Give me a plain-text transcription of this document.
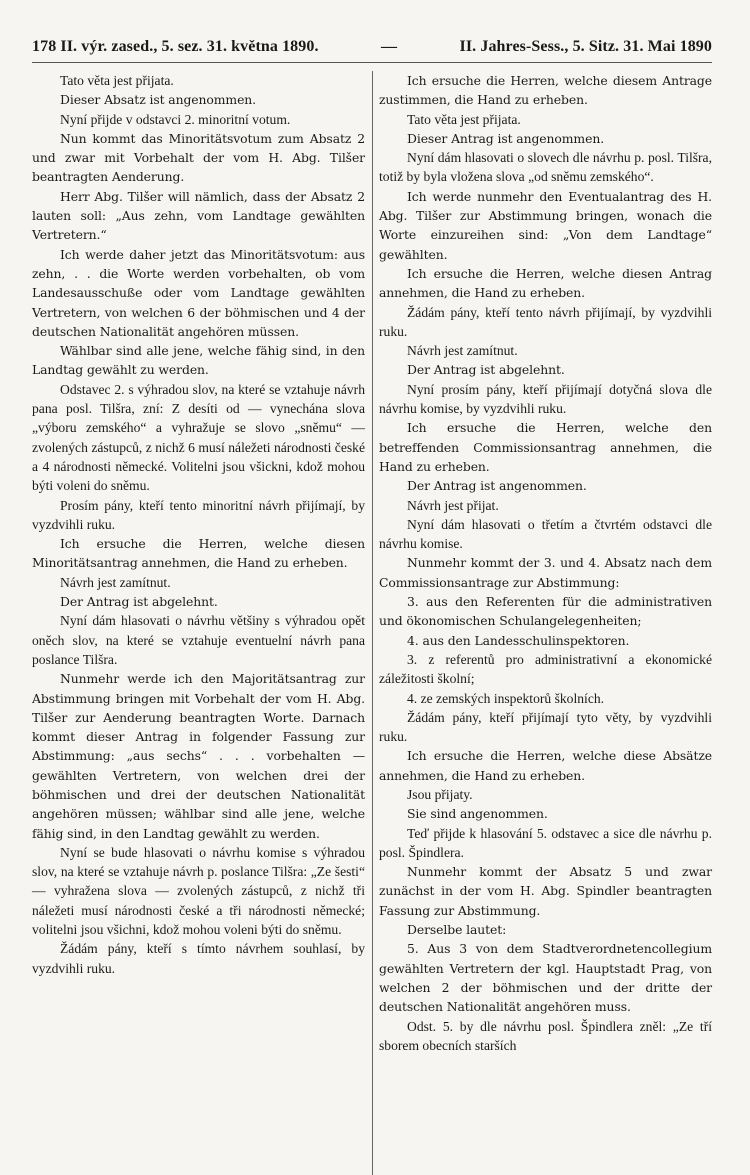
178 II. výr. zased., 5. sez. 31. května 1890.	—	II. Jahres-Sess., 5. Sitz. 31. Mai 1890

Tato věta jest přijata.

Dieser Absatz ist angenommen.

Nyní přijde v odstavci 2. minoritní votum.

Nun kommt das Minoritätsvotum zum Absatz 2 und zwar mit Vorbehalt der vom H. Abg. Tilšer beantragten Aenderung.

Herr Abg. Tilšer will nämlich, dass der Absatz 2 lauten soll: „Aus zehn, vom Landtage gewählten Vertretern.“

Ich werde daher jetzt das Minoritätsvotum: aus zehn, . . die Worte werden vorbehalten, ob vom Landesausschuße oder vom Landtage gewählten Vertretern, von welchen 6 der böhmischen und 4 der deutschen Nationalität angehören müssen.

Wählbar sind alle jene, welche fähig sind, in den Landtag gewählt zu werden.

Odstavec 2. s výhradou slov, na které se vztahuje návrh pana posl. Tilšra, zní: Z desíti od — vynechána slova „výboru zemského“ a vyhražuje se slovo „sněmu“ — zvolených zástupců, z nichž 6 musí náležeti národnosti české a 4 národnosti německé. Volitelni jsou všickni, kdož mohou býti voleni do sněmu.

Prosím pány, kteří tento minoritní návrh přijímají, by vyzdvihli ruku.

Ich ersuche die Herren, welche diesen Minoritätsantrag annehmen, die Hand zu erheben.

Návrh jest zamítnut.

Der Antrag ist abgelehnt.

Nyní dám hlasovati o návrhu většiny s výhradou opět oněch slov, na které se vztahuje eventuelní návrh pana poslance Tilšra.

Nunmehr werde ich den Majoritätsantrag zur Abstimmung bringen mit Vorbehalt der vom H. Abg. Tilšer zur Aenderung beantragten Worte. Darnach kommt dieser Antrag in folgender Fassung zur Abstimmung: „aus sechs“ . . . vorbehalten — gewählten Vertretern, von welchen drei der böhmischen und drei der deutschen Nationalität angehören müssen; wählbar sind alle jene, welche fähig sind, in den Landtag gewählt zu werden.

Nyní se bude hlasovati o návrhu komise s výhradou slov, na které se vztahuje návrh p. poslance Tilšra: „Ze šesti“ — vyhražena slova — zvolených zástupců, z nichž tři náležeti musí národnosti české a tři národnosti německé; volitelni jsou všichni, kdož mohou voleni býti do sněmu.

Žádám pány, kteří s tímto návrhem souhlasí, by vyzdvihli ruku.

Ich ersuche die Herren, welche diesem Antrage zustimmen, die Hand zu erheben.

Tato věta jest přijata.

Dieser Antrag ist angenommen.

Nyní dám hlasovati o slovech dle návrhu p. posl. Tilšra, totiž by byla vložena slova „od sněmu zemského“.

Ich werde nunmehr den Eventualantrag des H. Abg. Tilšer zur Abstimmung bringen, wonach die Worte einzureihen sind: „Von dem Landtage“ gewählten.

Ich ersuche die Herren, welche diesen Antrag annehmen, die Hand zu erheben.

Žádám pány, kteří tento návrh přijímají, by vyzdvihli ruku.

Návrh jest zamítnut.

Der Antrag ist abgelehnt.

Nyní prosím pány, kteří přijímají dotyčná slova dle návrhu komise, by vyzdvihli ruku.

Ich ersuche die Herren, welche den betreffenden Commissionsantrag annehmen, die Hand zu erheben.

Der Antrag ist angenommen.

Návrh jest přijat.

Nyní dám hlasovati o třetím a čtvrtém odstavci dle návrhu komise.

Nunmehr kommt der 3. und 4. Absatz nach dem Commissionsantrage zur Abstimmung:

3. aus den Referenten für die administrativen und ökonomischen Schulangelegenheiten;

4. aus den Landesschulinspektoren.

3. z referentů pro administrativní a ekonomické záležitosti školní;

4. ze zemských inspektorů školních.

Žádám pány, kteří přijímají tyto věty, by vyzdvihli ruku.

Ich ersuche die Herren, welche diese Absätze annehmen, die Hand zu erheben.

Jsou přijaty.

Sie sind angenommen.

Teď přijde k hlasování 5. odstavec a sice dle návrhu p. posl. Špindlera.

Nunmehr kommt der Absatz 5 und zwar zunächst in der vom H. Abg. Spindler beantragten Fassung zur Abstimmung.

Derselbe lautet:

5. Aus 3 von dem Stadtverordnetencollegium gewählten Vertretern der kgl. Hauptstadt Prag, von welchen 2 der böhmischen und der dritte der deutschen Nationalität angehören muss.

Odst. 5. by dle návrhu posl. Špindlera zněl: „Ze tří sborem obecních starších
